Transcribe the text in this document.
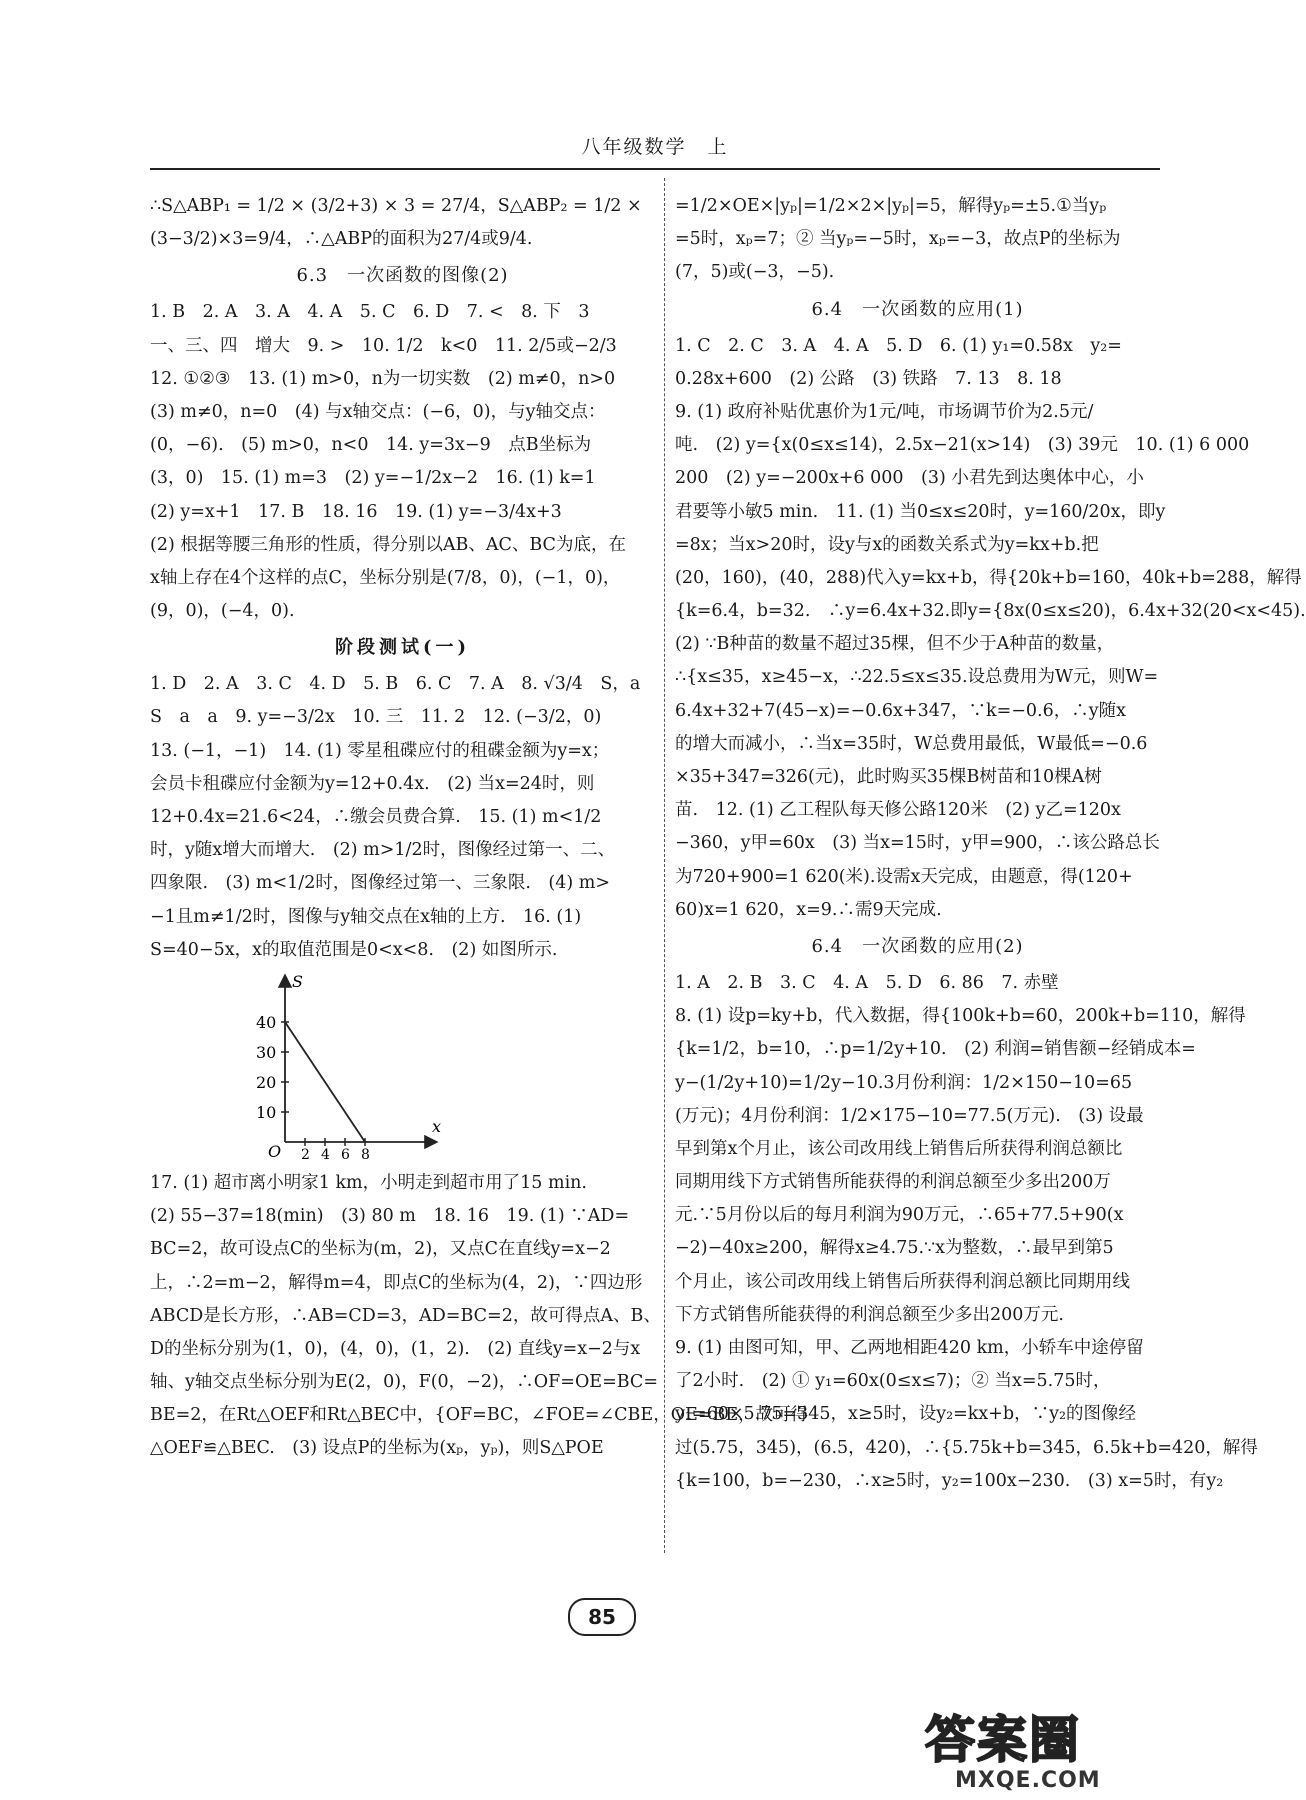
八年级数学　上
∴S△ABP₁ = 1/2 × (3/2+3) × 3 = 27/4，S△ABP₂ = 1/2 ×
(3−3/2)×3=9/4，∴△ABP的面积为27/4或9/4.
6.3　一次函数的图像(2)
1. B　2. A　3. A　4. A　5. C　6. D　7. <　8. 下　3
一、三、四　增大　9. >　10. 1/2　k<0　11. 2/5或−2/3
12. ①②③　13. (1) m>0，n为一切实数　(2) m≠0，n>0
(3) m≠0，n=0　(4) 与x轴交点：(−6，0)，与y轴交点：
(0，−6).　(5) m>0，n<0　14. y=3x−9　点B坐标为
(3，0)　15. (1) m=3　(2) y=−1/2x−2　16. (1) k=1
(2) y=x+1　17. B　18. 16　19. (1) y=−3/4x+3
(2) 根据等腰三角形的性质，得分别以AB、AC、BC为底，在
x轴上存在4个这样的点C，坐标分别是(7/8，0)，(−1，0)，
(9，0)，(−4，0).
阶段测试(一)
1. D　2. A　3. C　4. D　5. B　6. C　7. A　8. √3/4　S，a
S　a　a　9. y=−3/2x　10. 三　11. 2　12. (−3/2，0)
13. (−1，−1)　14. (1) 零星租碟应付的租碟金额为y=x；
会员卡租碟应付金额为y=12+0.4x.　(2) 当x=24时，则
12+0.4x=21.6<24，∴缴会员费合算.　15. (1) m<1/2
时，y随x增大而增大.　(2) m>1/2时，图像经过第一、二、
四象限.　(3) m<1/2时，图像经过第一、三象限.　(4) m>
−1且m≠1/2时，图像与y轴交点在x轴的上方.　16. (1)
S=40−5x，x的取值范围是0<x<8.　(2) 如图所示.
S
x
O
10
20
30
40
2 4 6 8
17. (1) 超市离小明家1 km，小明走到超市用了15 min.
(2) 55−37=18(min)　(3) 80 m　18. 16　19. (1) ∵AD=
BC=2，故可设点C的坐标为(m，2)，又点C在直线y=x−2
上，∴2=m−2，解得m=4，即点C的坐标为(4，2)，∵四边形
ABCD是长方形，∴AB=CD=3，AD=BC=2，故可得点A、B、
D的坐标分别为(1，0)，(4，0)，(1，2).　(2) 直线y=x−2与x
轴、y轴交点坐标分别为E(2，0)，F(0，−2)，∴OF=OE=BC=
BE=2，在Rt△OEF和Rt△BEC中，{OF=BC，∠FOE=∠CBE，OE=BE，故可得
△OEF≌△BEC.　(3) 设点P的坐标为(xₚ，yₚ)，则S△POE
=1/2×OE×|yₚ|=1/2×2×|yₚ|=5，解得yₚ=±5.①当yₚ
=5时，xₚ=7；② 当yₚ=−5时，xₚ=−3，故点P的坐标为
(7，5)或(−3，−5).
6.4　一次函数的应用(1)
1. C　2. C　3. A　4. A　5. D　6. (1) y₁=0.58x　y₂=
0.28x+600　(2) 公路　(3) 铁路　7. 13　8. 18
9. (1) 政府补贴优惠价为1元/吨，市场调节价为2.5元/
吨.　(2) y={x(0≤x≤14)，2.5x−21(x>14)　(3) 39元　10. (1) 6 000
200　(2) y=−200x+6 000　(3) 小君先到达奥体中心，小
君要等小敏5 min.　11. (1) 当0≤x≤20时，y=160/20x，即y
=8x；当x>20时，设y与x的函数关系式为y=kx+b.把
(20，160)，(40，288)代入y=kx+b，得{20k+b=160，40k+b=288，解得
{k=6.4，b=32.　∴y=6.4x+32.即y={8x(0≤x≤20)，6.4x+32(20<x<45).
(2) ∵B种苗的数量不超过35棵，但不少于A种苗的数量，
∴{x≤35，x≥45−x，∴22.5≤x≤35.设总费用为W元，则W=
6.4x+32+7(45−x)=−0.6x+347，∵k=−0.6，∴y随x
的增大而减小，∴当x=35时，W总费用最低，W最低=−0.6
×35+347=326(元)，此时购买35棵B树苗和10棵A树
苗.　12. (1) 乙工程队每天修公路120米　(2) y乙=120x
−360，y甲=60x　(3) 当x=15时，y甲=900，∴该公路总长
为720+900=1 620(米).设需x天完成，由题意，得(120+
60)x=1 620，x=9.∴需9天完成.
6.4　一次函数的应用(2)
1. A　2. B　3. C　4. A　5. D　6. 86　7. 赤壁
8. (1) 设p=ky+b，代入数据，得{100k+b=60，200k+b=110，解得
{k=1/2，b=10，∴p=1/2y+10.　(2) 利润=销售额−经销成本=
y−(1/2y+10)=1/2y−10.3月份利润：1/2×150−10=65
(万元)；4月份利润：1/2×175−10=77.5(万元).　(3) 设最
早到第x个月止，该公司改用线上销售后所获得利润总额比
同期用线下方式销售所能获得的利润总额至少多出200万
元.∵5月份以后的每月利润为90万元，∴65+77.5+90(x
−2)−40x≥200，解得x≥4.75.∵x为整数，∴最早到第5
个月止，该公司改用线上销售后所获得利润总额比同期用线
下方式销售所能获得的利润总额至少多出200万元.
9. (1) 由图可知，甲、乙两地相距420 km，小轿车中途停留
了2小时.　(2) ① y₁=60x(0≤x≤7)；② 当x=5.75时，
y₁=60×5.75=345，x≥5时，设y₂=kx+b，∵y₂的图像经
过(5.75，345)，(6.5，420)，∴{5.75k+b=345，6.5k+b=420，解得
{k=100，b=−230，∴x≥5时，y₂=100x−230.　(3) x=5时，有y₂
85
答案圈
MXQE.COM
